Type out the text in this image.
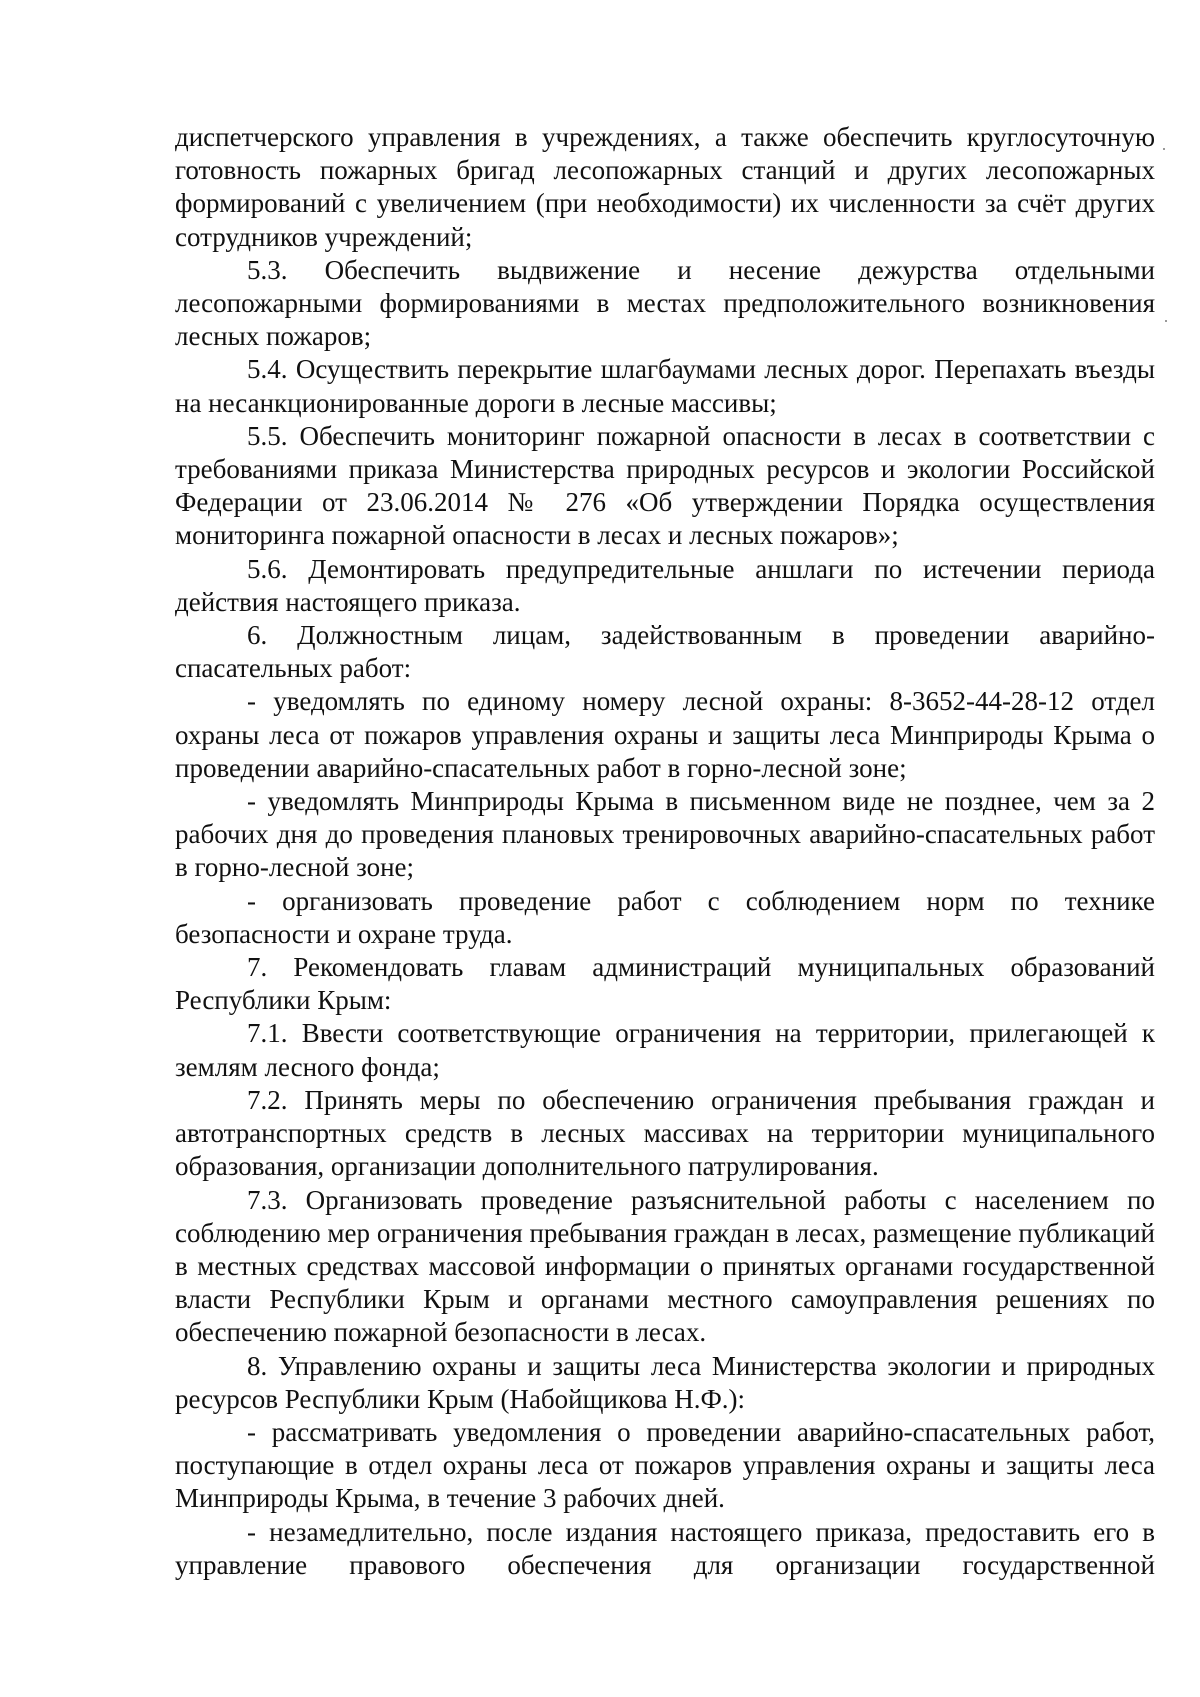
диспетчерского управления в учреждениях, а также обеспечить круглосуточную готовность пожарных бригад лесопожарных станций и других лесопожарных формирований с увеличением (при необходимости) их численности за счёт других сотрудников учреждений;

5.3. Обеспечить выдвижение и несение дежурства отдельными лесопожарными формированиями в местах предположительного возникновения лесных пожаров;

5.4. Осуществить перекрытие шлагбаумами лесных дорог. Перепахать въезды на несанкционированные дороги в лесные массивы;

5.5. Обеспечить мониторинг пожарной опасности в лесах в соответствии с требованиями приказа Министерства природных ресурсов и экологии Российской Федерации от 23.06.2014 № 276 «Об утверждении Порядка осуществления мониторинга пожарной опасности в лесах и лесных пожаров»;

5.6. Демонтировать предупредительные аншлаги по истечении периода действия настоящего приказа.

6. Должностным лицам, задействованным в проведении аварийно-спасательных работ:

- уведомлять по единому номеру лесной охраны: 8-3652-44-28-12 отдел охраны леса от пожаров управления охраны и защиты леса Минприроды Крыма о проведении аварийно-спасательных работ в горно-лесной зоне;

- уведомлять Минприроды Крыма в письменном виде не позднее, чем за 2 рабочих дня до проведения плановых тренировочных аварийно-спасательных работ в горно-лесной зоне;

- организовать проведение работ с соблюдением норм по технике безопасности и охране труда.

7. Рекомендовать главам администраций муниципальных образований Республики Крым:

7.1. Ввести соответствующие ограничения на территории, прилегающей к землям лесного фонда;

7.2. Принять меры по обеспечению ограничения пребывания граждан и автотранспортных средств в лесных массивах на территории муниципального образования, организации дополнительного патрулирования.

7.3. Организовать проведение разъяснительной работы с населением по соблюдению мер ограничения пребывания граждан в лесах, размещение публикаций в местных средствах массовой информации о принятых органами государственной власти Республики Крым и органами местного самоуправления решениях по обеспечению пожарной безопасности в лесах.

8. Управлению охраны и защиты леса Министерства экологии и природных ресурсов Республики Крым (Набойщикова Н.Ф.):

- рассматривать уведомления о проведении аварийно-спасательных работ, поступающие в отдел охраны леса от пожаров управления охраны и защиты леса Минприроды Крыма, в течение 3 рабочих дней.

- незамедлительно, после издания настоящего приказа, предоставить его в управление правового обеспечения для организации государственной
